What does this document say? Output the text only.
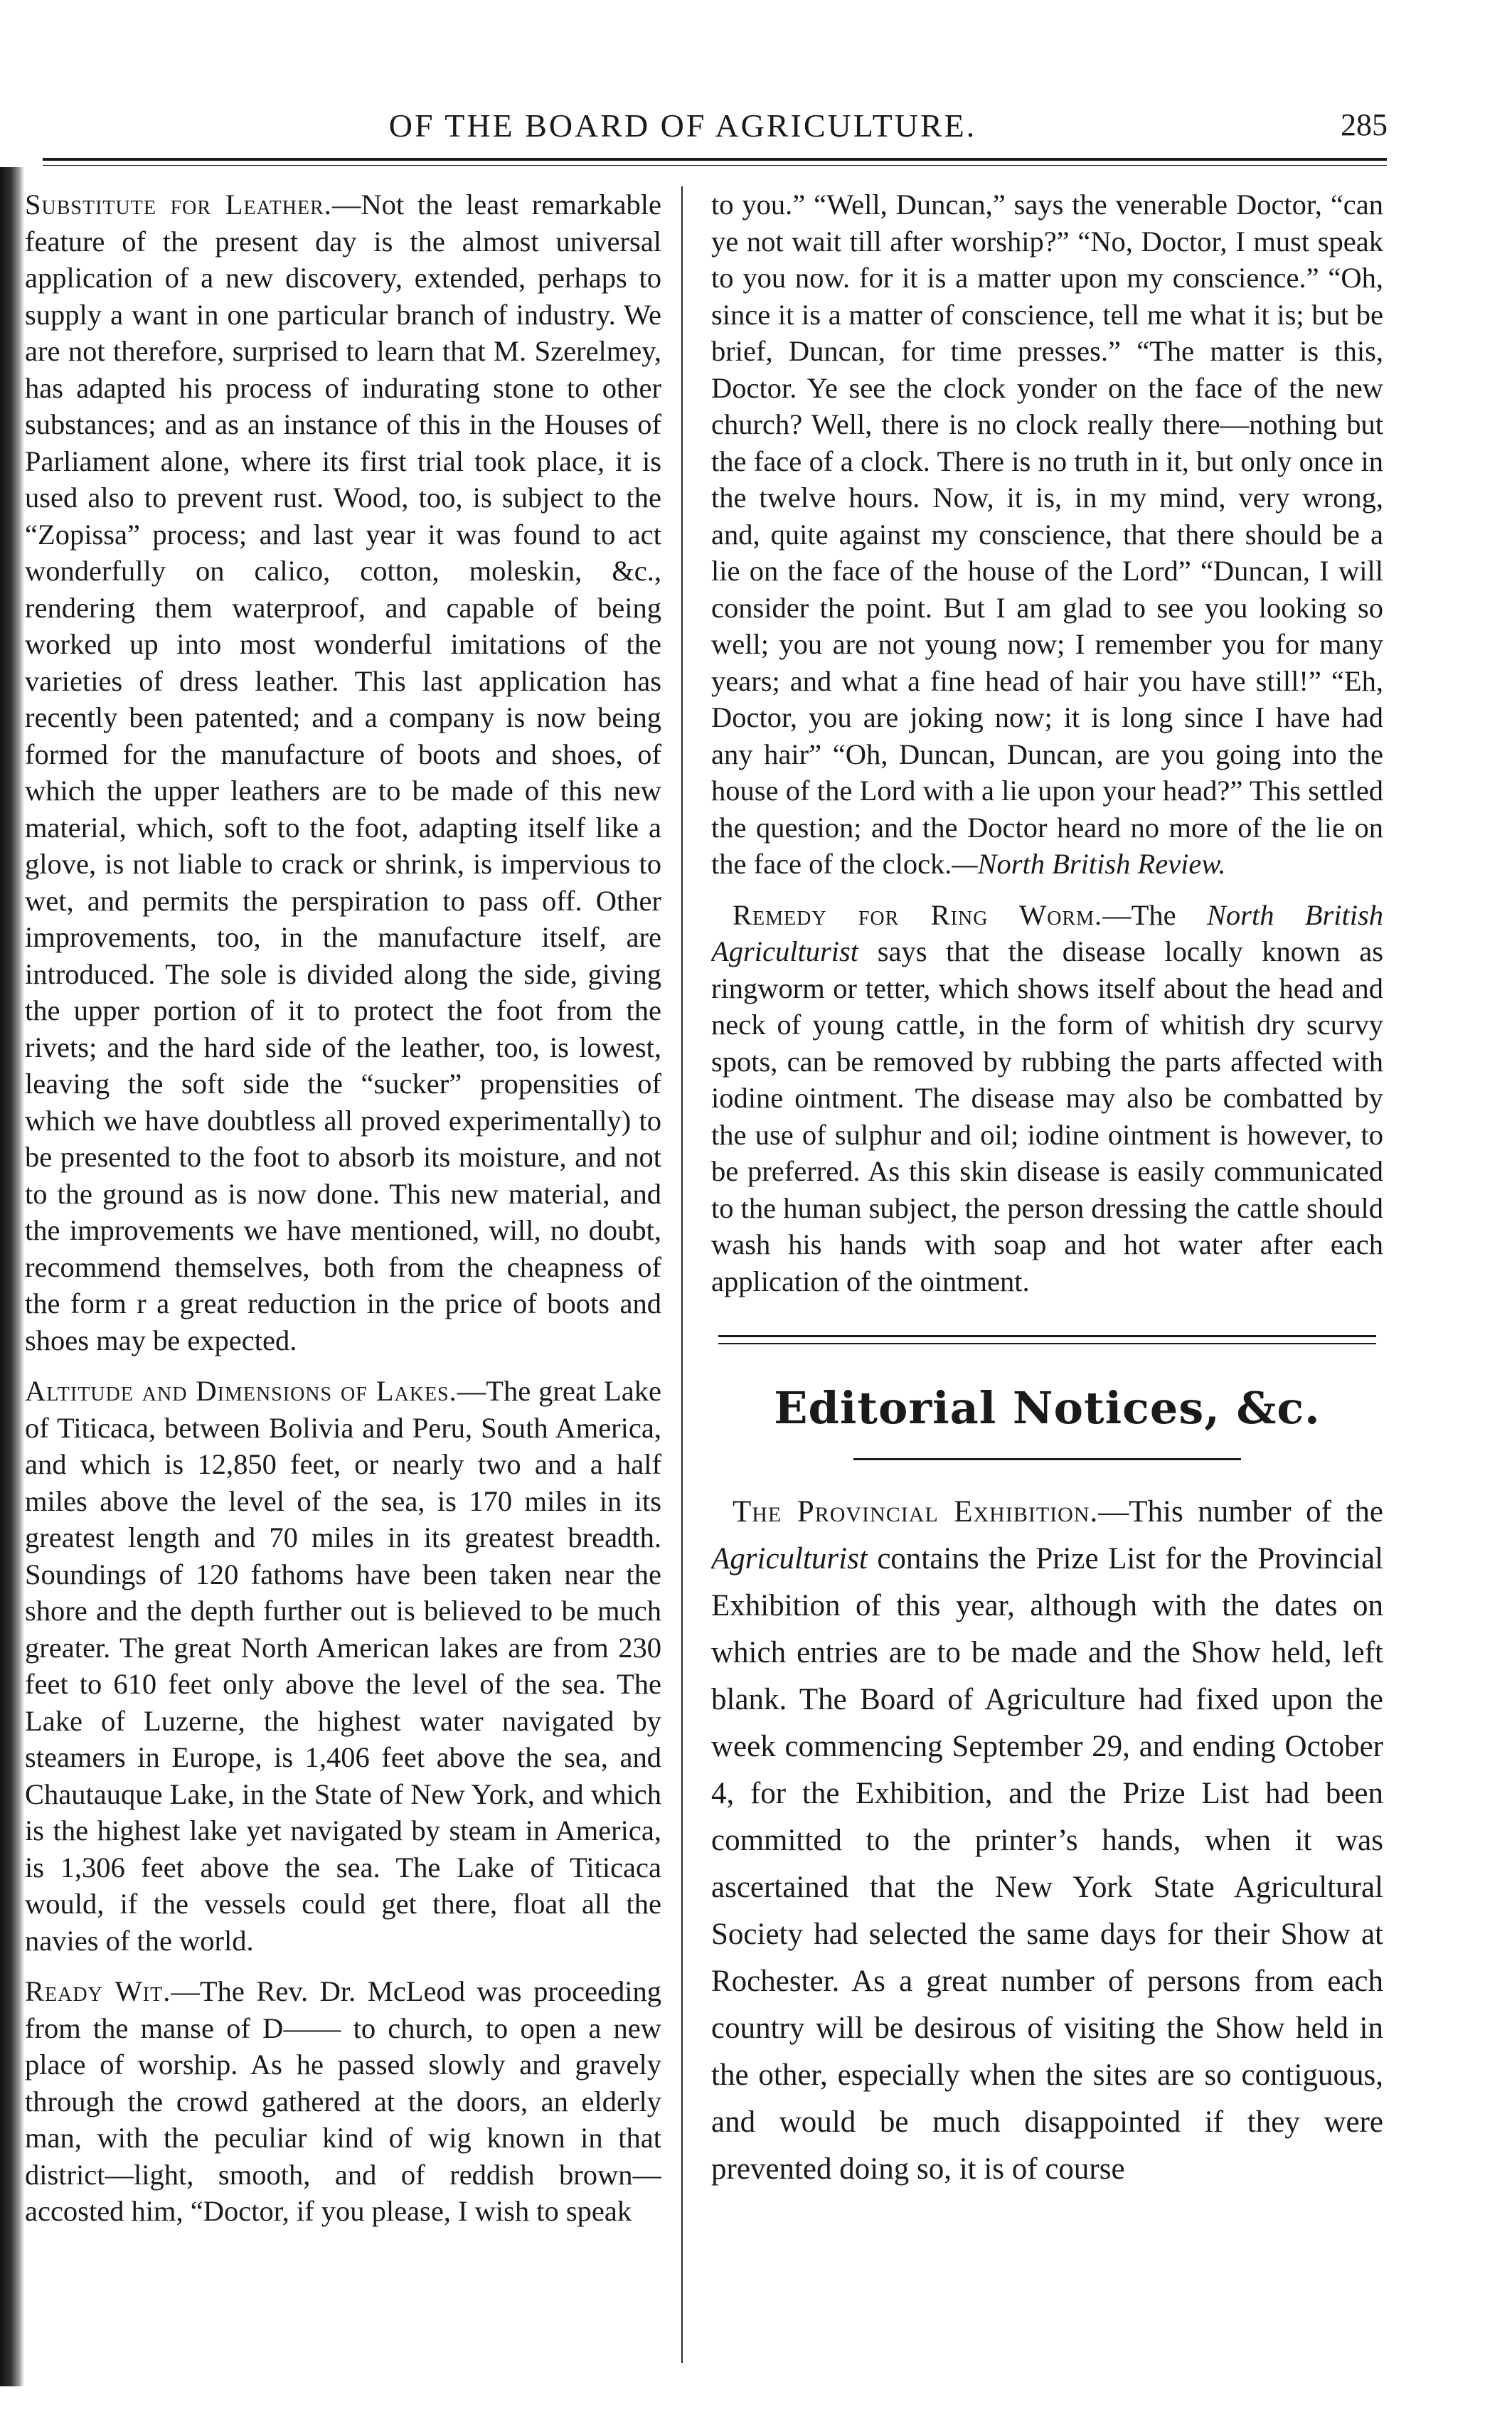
OF THE BOARD OF AGRICULTURE.	285

Substitute for Leather.—Not the least remarkable feature of the present day is the almost universal application of a new discovery, extended, perhaps to supply a want in one particular branch of industry. We are not therefore, surprised to learn that M. Szerelmey, has adapted his process of indurating stone to other substances; and as an instance of this in the Houses of Parliament alone, where its first trial took place, it is used also to prevent rust. Wood, too, is subject to the “Zopissa” process; and last year it was found to act wonderfully on calico, cotton, moleskin, &c., rendering them waterproof, and capable of being worked up into most wonderful imitations of the varieties of dress leather. This last application has recently been patented; and a company is now being formed for the manufacture of boots and shoes, of which the upper leathers are to be made of this new material, which, soft to the foot, adapting itself like a glove, is not liable to crack or shrink, is impervious to wet, and permits the perspiration to pass off. Other improvements, too, in the manufacture itself, are introduced. The sole is divided along the side, giving the upper portion of it to protect the foot from the rivets; and the hard side of the leather, too, is lowest, leaving the soft side the “sucker” propensities of which we have doubtless all proved experimentally) to be presented to the foot to absorb its moisture, and not to the ground as is now done. This new material, and the improvements we have mentioned, will, no doubt, recommend themselves, both from the cheapness of the form r a great reduction in the price of boots and shoes may be expected.

Altitude and Dimensions of Lakes.—The great Lake of Titicaca, between Bolivia and Peru, South America, and which is 12,850 feet, or nearly two and a half miles above the level of the sea, is 170 miles in its greatest length and 70 miles in its greatest breadth. Soundings of 120 fathoms have been taken near the shore and the depth further out is believed to be much greater. The great North American lakes are from 230 feet to 610 feet only above the level of the sea. The Lake of Luzerne, the highest water navigated by steamers in Europe, is 1,406 feet above the sea, and Chautauque Lake, in the State of New York, and which is the highest lake yet navigated by steam in America, is 1,306 feet above the sea. The Lake of Titicaca would, if the vessels could get there, float all the navies of the world.

Ready Wit.—The Rev. Dr. McLeod was proceeding from the manse of D—— to church, to open a new place of worship. As he passed slowly and gravely through the crowd gathered at the doors, an elderly man, with the peculiar kind of wig known in that district—light, smooth, and of reddish brown—accosted him, “Doctor, if you please, I wish to speak

to you.” “Well, Duncan,” says the venerable Doctor, “can ye not wait till after worship?” “No, Doctor, I must speak to you now. for it is a matter upon my conscience.” “Oh, since it is a matter of conscience, tell me what it is; but be brief, Duncan, for time presses.” “The matter is this, Doctor. Ye see the clock yonder on the face of the new church? Well, there is no clock really there—nothing but the face of a clock. There is no truth in it, but only once in the twelve hours. Now, it is, in my mind, very wrong, and, quite against my conscience, that there should be a lie on the face of the house of the Lord” “Duncan, I will consider the point. But I am glad to see you looking so well; you are not young now; I remember you for many years; and what a fine head of hair you have still!” “Eh, Doctor, you are joking now; it is long since I have had any hair” “Oh, Duncan, Duncan, are you going into the house of the Lord with a lie upon your head?” This settled the question; and the Doctor heard no more of the lie on the face of the clock.—North British Review.

Remedy for Ring Worm.—The North British Agriculturist says that the disease locally known as ringworm or tetter, which shows itself about the head and neck of young cattle, in the form of whitish dry scurvy spots, can be removed by rubbing the parts affected with iodine ointment. The disease may also be combatted by the use of sulphur and oil; iodine ointment is however, to be preferred. As this skin disease is easily communicated to the human subject, the person dressing the cattle should wash his hands with soap and hot water after each application of the ointment.

Editorial Notices, &c.

The Provincial Exhibition.—This number of the Agriculturist contains the Prize List for the Provincial Exhibition of this year, although with the dates on which entries are to be made and the Show held, left blank. The Board of Agriculture had fixed upon the week commencing September 29, and ending October 4, for the Exhibition, and the Prize List had been committed to the printer’s hands, when it was ascertained that the New York State Agricultural Society had selected the same days for their Show at Rochester. As a great number of persons from each country will be desirous of visiting the Show held in the other, especially when the sites are so contiguous, and would be much disappointed if they were prevented doing so, it is of course
